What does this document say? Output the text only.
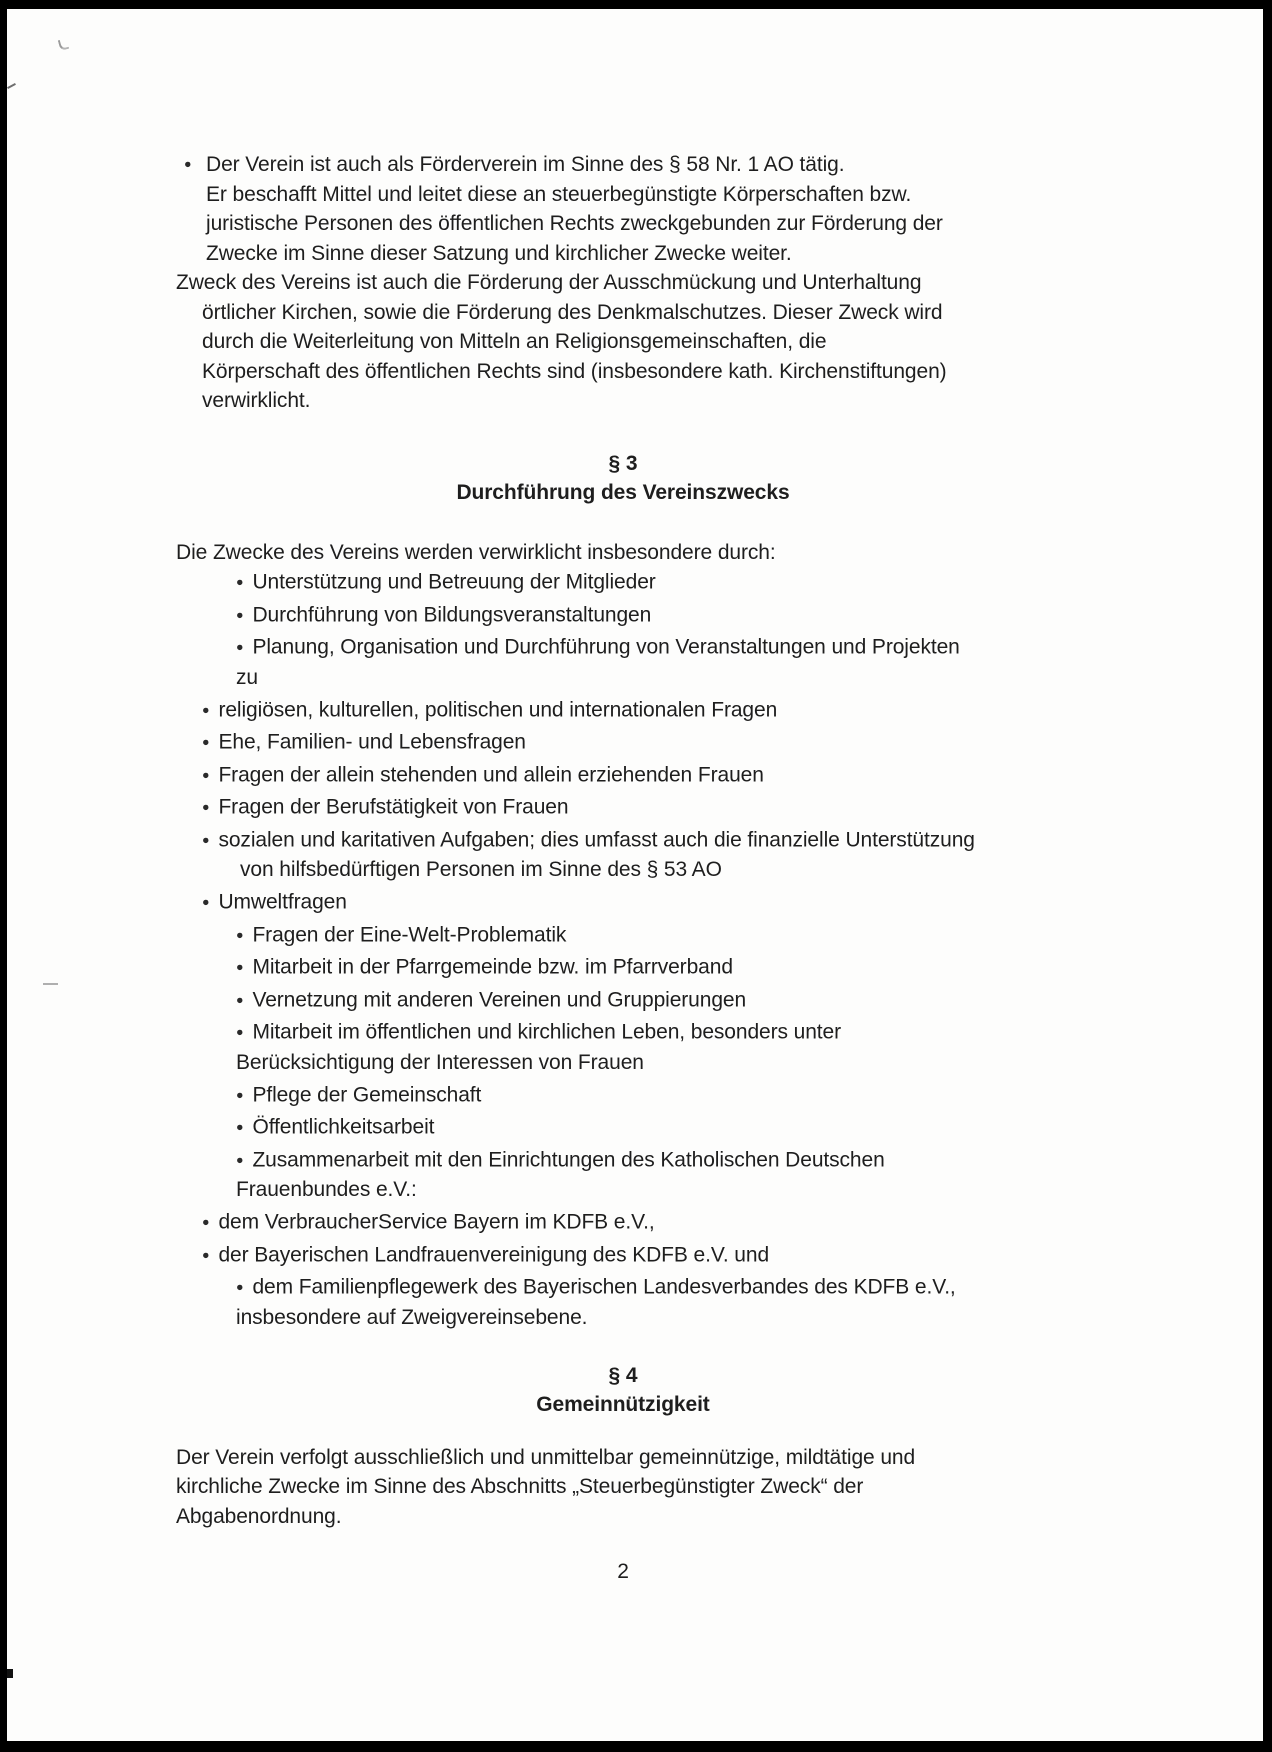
● Der Verein ist auch als Förderverein im Sinne des § 58 Nr. 1 AO tätig.
Er beschafft Mittel und leitet diese an steuerbegünstigte Körperschaften bzw.
juristische Personen des öffentlichen Rechts zweckgebunden zur Förderung der
Zwecke im Sinne dieser Satzung und kirchlicher Zwecke weiter.
Zweck des Vereins ist auch die Förderung der Ausschmückung und Unterhaltung
örtlicher Kirchen, sowie die Förderung des Denkmalschutzes. Dieser Zweck wird
durch die Weiterleitung von Mitteln an Religionsgemeinschaften, die
Körperschaft des öffentlichen Rechts sind (insbesondere kath. Kirchenstiftungen)
verwirklicht.
§ 3
Durchführung des Vereinszwecks
Die Zwecke des Vereins werden verwirklicht insbesondere durch:
● Unterstützung und Betreuung der Mitglieder
● Durchführung von Bildungsveranstaltungen
● Planung, Organisation und Durchführung von Veranstaltungen und Projekten
zu
● religiösen, kulturellen, politischen und internationalen Fragen
● Ehe, Familien- und Lebensfragen
● Fragen der allein stehenden und allein erziehenden Frauen
● Fragen der Berufstätigkeit von Frauen
● sozialen und karitativen Aufgaben; dies umfasst auch die finanzielle Unterstützung
von hilfsbedürftigen Personen im Sinne des § 53 AO
● Umweltfragen
● Fragen der Eine-Welt-Problematik
● Mitarbeit in der Pfarrgemeinde bzw. im Pfarrverband
● Vernetzung mit anderen Vereinen und Gruppierungen
● Mitarbeit im öffentlichen und kirchlichen Leben, besonders unter
Berücksichtigung der Interessen von Frauen
● Pflege der Gemeinschaft
● Öffentlichkeitsarbeit
● Zusammenarbeit mit den Einrichtungen des Katholischen Deutschen
Frauenbundes e.V.:
● dem VerbraucherService Bayern im KDFB e.V.,
● der Bayerischen Landfrauenvereinigung des KDFB e.V. und
● dem Familienpflegewerk des Bayerischen Landesverbandes des KDFB e.V.,
insbesondere auf Zweigvereinsebene.
§ 4
Gemeinnützigkeit
Der Verein verfolgt ausschließlich und unmittelbar gemeinnützige, mildtätige und
kirchliche Zwecke im Sinne des Abschnitts „Steuerbegünstigter Zweck“ der
Abgabenordnung.
2
